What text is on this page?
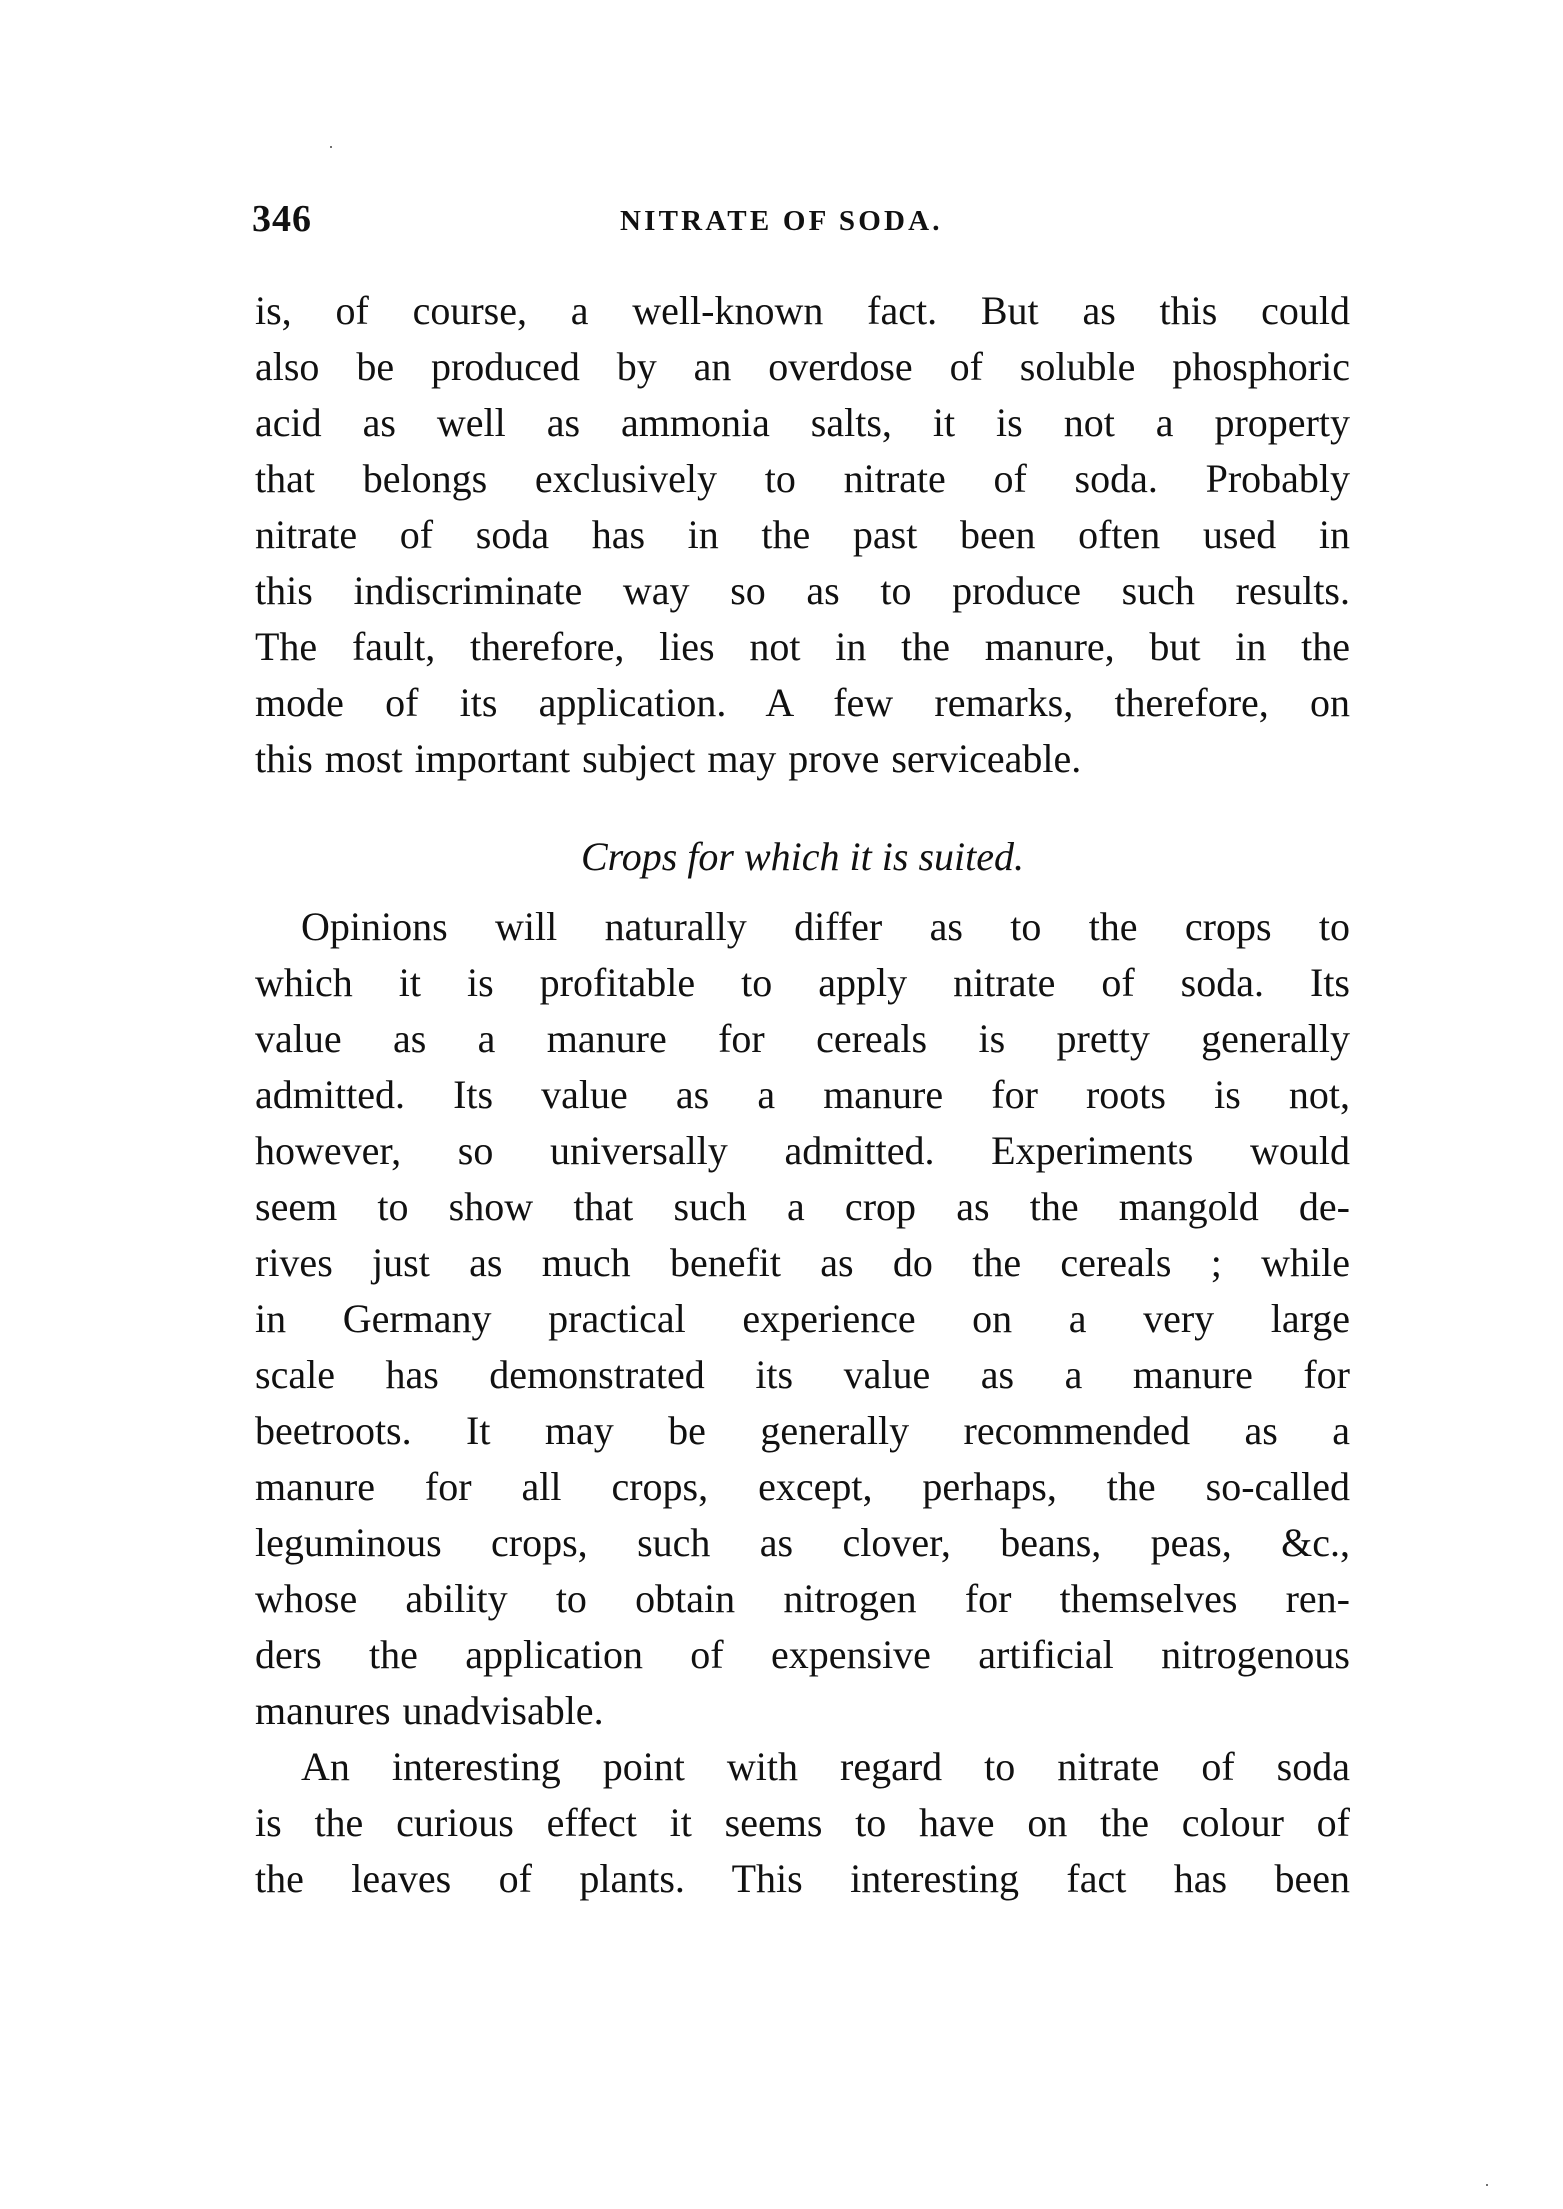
346	NITRATE OF SODA.
is, of course, a well-known fact. But as this could
also be produced by an overdose of soluble phosphoric
acid as well as ammonia salts, it is not a property
that belongs exclusively to nitrate of soda. Probably
nitrate of soda has in the past been often used in
this indiscriminate way so as to produce such results.
The fault, therefore, lies not in the manure, but in the
mode of its application. A few remarks, therefore, on
this most important subject may prove serviceable.
Crops for which it is suited.
Opinions will naturally differ as to the crops to
which it is profitable to apply nitrate of soda. Its
value as a manure for cereals is pretty generally
admitted. Its value as a manure for roots is not,
however, so universally admitted. Experiments would
seem to show that such a crop as the mangold de-
rives just as much benefit as do the cereals ; while
in Germany practical experience on a very large
scale has demonstrated its value as a manure for
beetroots. It may be generally recommended as a
manure for all crops, except, perhaps, the so-called
leguminous crops, such as clover, beans, peas, &c.,
whose ability to obtain nitrogen for themselves ren-
ders the application of expensive artificial nitrogenous
manures unadvisable.
An interesting point with regard to nitrate of soda
is the curious effect it seems to have on the colour of
the leaves of plants. This interesting fact has been
